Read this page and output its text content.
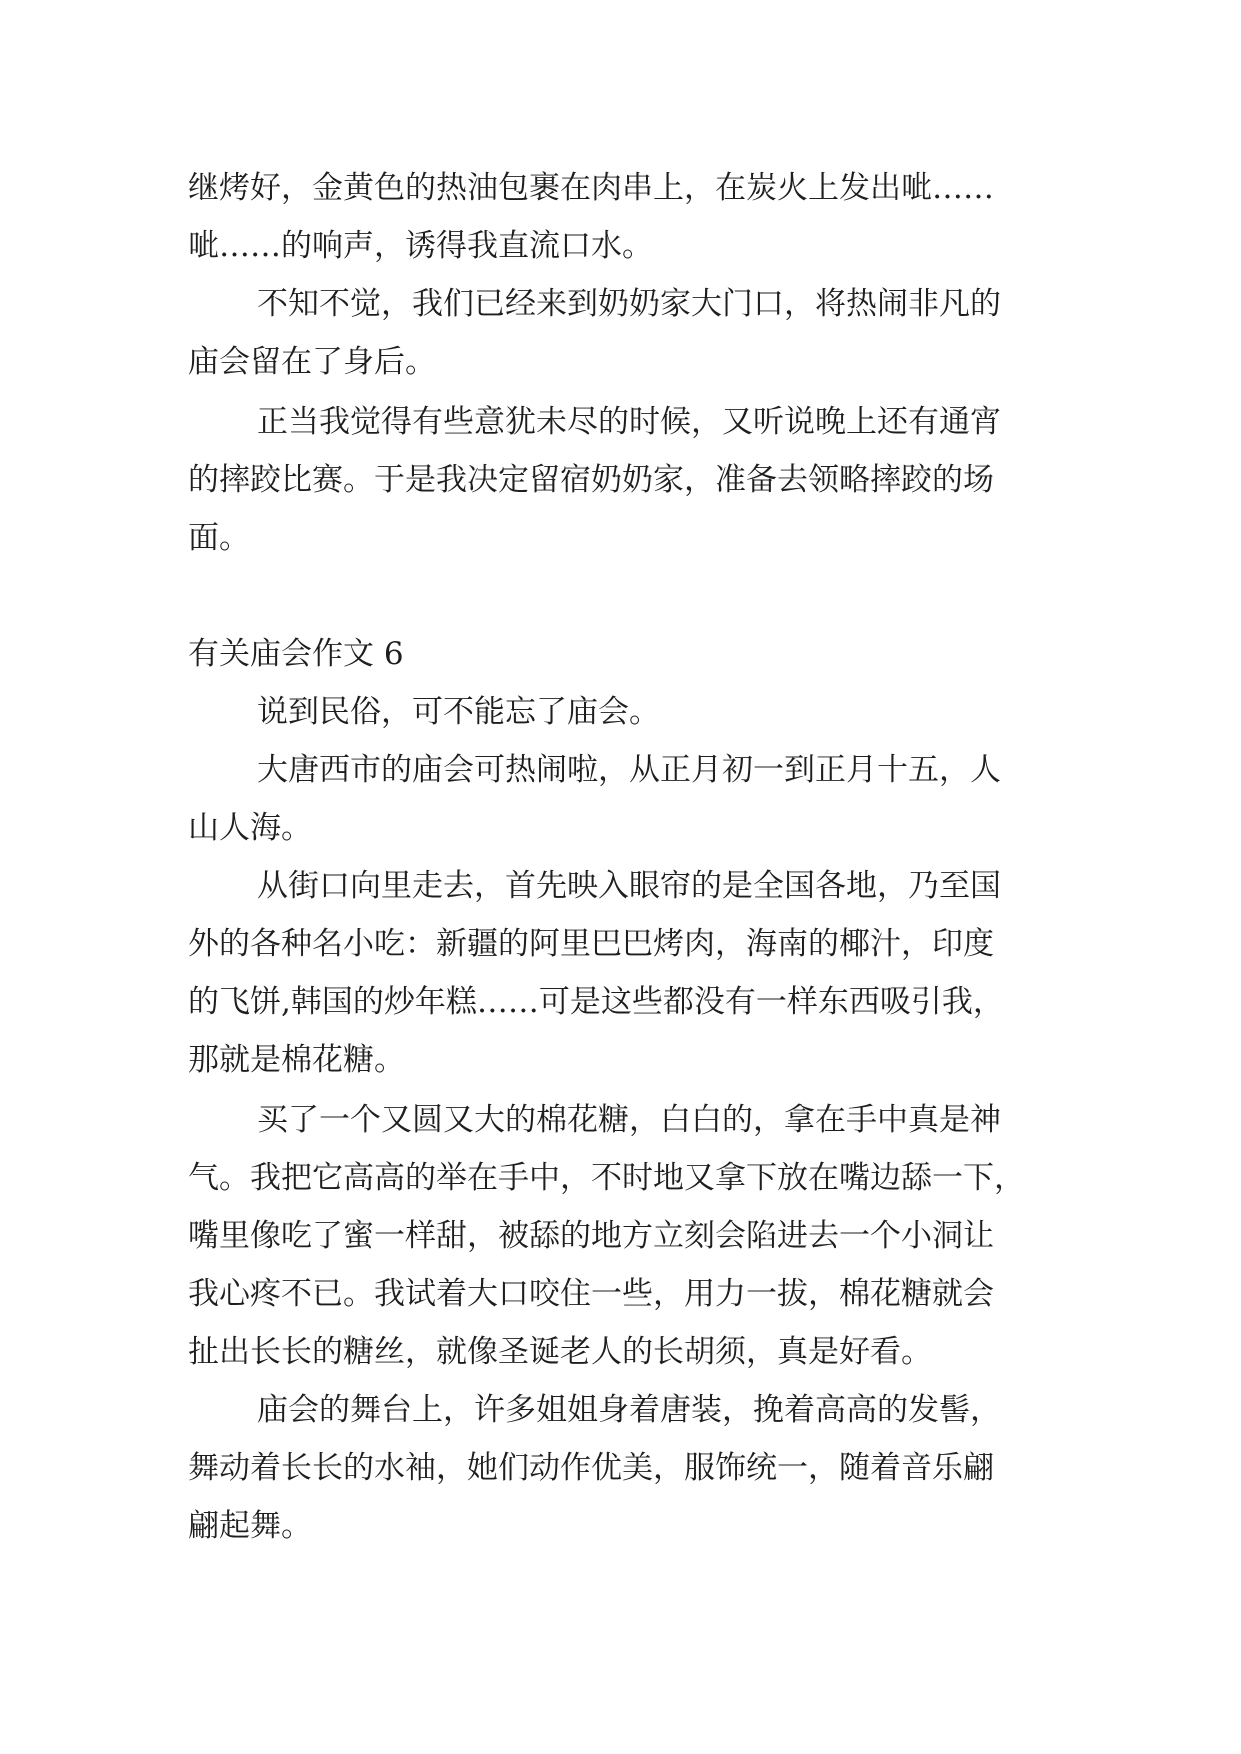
继烤好，金黄色的热油包裹在肉串上，在炭火上发出呲……
呲……的响声，诱得我直流口水。
不知不觉，我们已经来到奶奶家大门口，将热闹非凡的
庙会留在了身后。
正当我觉得有些意犹未尽的时候，又听说晚上还有通宵
的摔跤比赛。于是我决定留宿奶奶家，准备去领略摔跤的场
面。
有关庙会作文 6
说到民俗，可不能忘了庙会。
大唐西市的庙会可热闹啦，从正月初一到正月十五，人
山人海。
从街口向里走去，首先映入眼帘的是全国各地，乃至国
外的各种名小吃：新疆的阿里巴巴烤肉，海南的椰汁，印度
的飞饼,韩国的炒年糕……可是这些都没有一样东西吸引我，
那就是棉花糖。
买了一个又圆又大的棉花糖，白白的，拿在手中真是神
气。我把它高高的举在手中，不时地又拿下放在嘴边舔一下，
嘴里像吃了蜜一样甜，被舔的地方立刻会陷进去一个小洞让
我心疼不已。我试着大口咬住一些，用力一拔，棉花糖就会
扯出长长的糖丝，就像圣诞老人的长胡须，真是好看。
庙会的舞台上，许多姐姐身着唐装，挽着高高的发髻，
舞动着长长的水袖，她们动作优美，服饰统一，随着音乐翩
翩起舞。
